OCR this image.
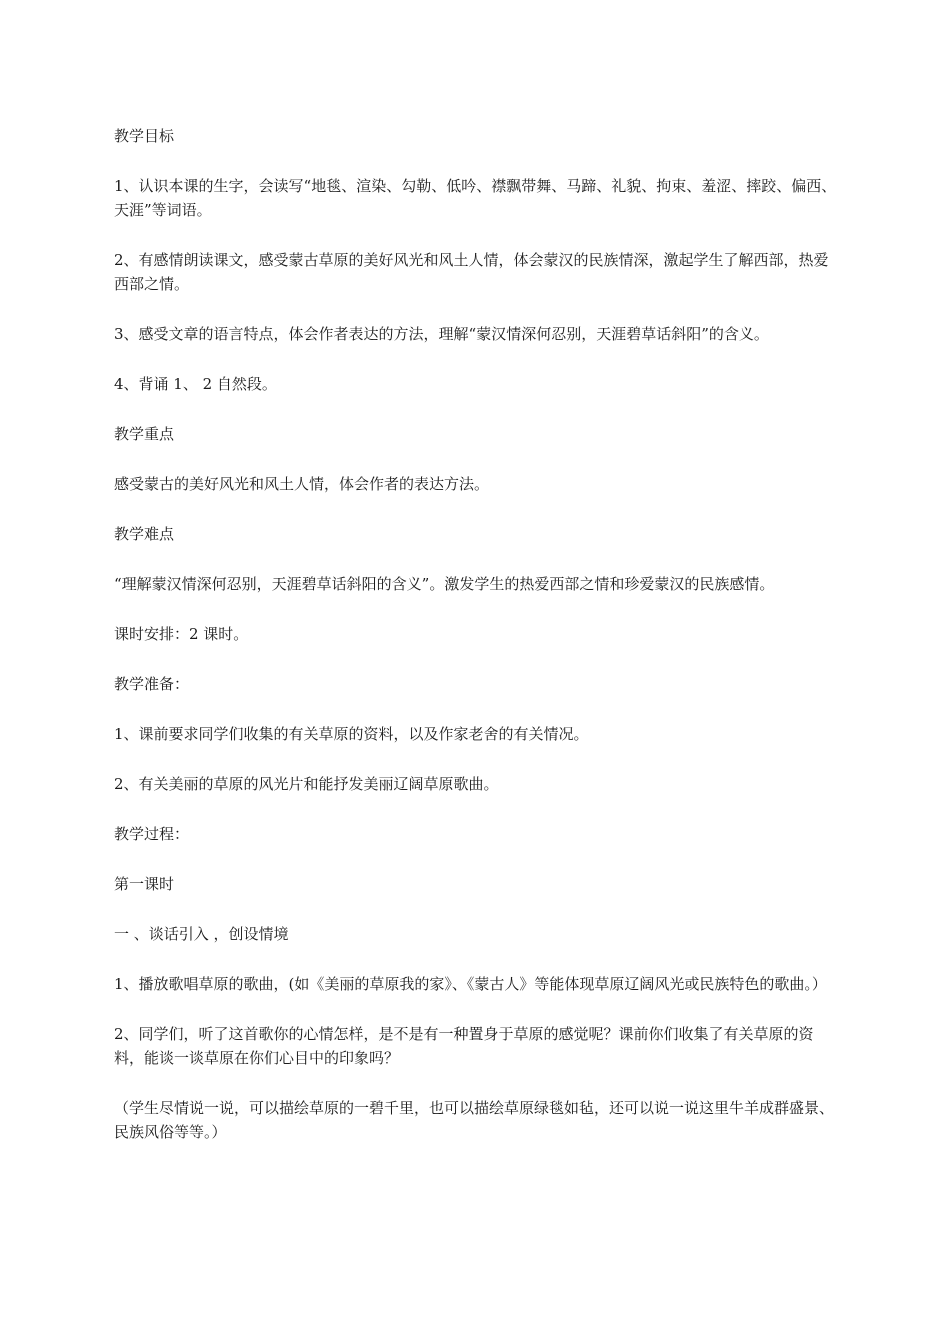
教学目标

1、认识本课的生字，会读写“地毯、渲染、勾勒、低吟、襟飘带舞、马蹄、礼貌、拘束、羞涩、摔跤、偏西、天涯”等词语。

2、有感情朗读课文，感受蒙古草原的美好风光和风土人情，体会蒙汉的民族情深，激起学生了解西部，热爱西部之情。

3、感受文章的语言特点，体会作者表达的方法，理解“蒙汉情深何忍别，天涯碧草话斜阳”的含义。

4、背诵 1、 2 自然段。

教学重点

感受蒙古的美好风光和风土人情，体会作者的表达方法。

教学难点

“理解蒙汉情深何忍别，天涯碧草话斜阳的含义”。激发学生的热爱西部之情和珍爱蒙汉的民族感情。

课时安排：2 课时。

教学准备：

1、课前要求同学们收集的有关草原的资料，以及作家老舍的有关情况。

2、有关美丽的草原的风光片和能抒发美丽辽阔草原歌曲。

教学过程：

第一课时

一 、谈话引入 ，创设情境

1、播放歌唱草原的歌曲，(如《美丽的草原我的家》、《蒙古人》等能体现草原辽阔风光或民族特色的歌曲。）

2、同学们，听了这首歌你的心情怎样，是不是有一种置身于草原的感觉呢？课前你们收集了有关草原的资料，能谈一谈草原在你们心目中的印象吗？

（学生尽情说一说，可以描绘草原的一碧千里，也可以描绘草原绿毯如毡，还可以说一说这里牛羊成群盛景、民族风俗等等。）
